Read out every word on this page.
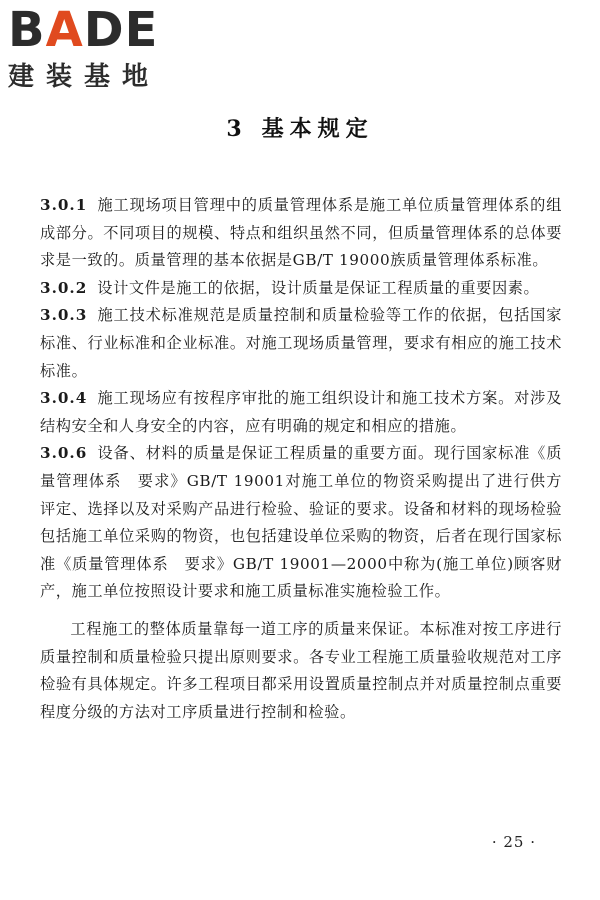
B A DE
建装基地
3 基本规定

3.0.1 施工现场项目管理中的质量管理体系是施工单位质量管理体系的组成部分。不同项目的规模、特点和组织虽然不同，但质量管理体系的总体要求是一致的。质量管理的基本依据是GB/T 19000族质量管理体系标准。

3.0.2 设计文件是施工的依据，设计质量是保证工程质量的重要因素。

3.0.3 施工技术标准规范是质量控制和质量检验等工作的依据，包括国家标准、行业标准和企业标准。对施工现场质量管理，要求有相应的施工技术标准。

3.0.4 施工现场应有按程序审批的施工组织设计和施工技术方案。对涉及结构安全和人身安全的内容，应有明确的规定和相应的措施。

3.0.6 设备、材料的质量是保证工程质量的重要方面。现行国家标准《质量管理体系　要求》GB/T 19001对施工单位的物资采购提出了进行供方评定、选择以及对采购产品进行检验、验证的要求。设备和材料的现场检验包括施工单位采购的物资，也包括建设单位采购的物资，后者在现行国家标准《质量管理体系　要求》GB/T 19001—2000中称为(施工单位)顾客财产，施工单位按照设计要求和施工质量标准实施检验工作。

工程施工的整体质量靠每一道工序的质量来保证。本标准对按工序进行质量控制和质量检验只提出原则要求。各专业工程施工质量验收规范对工序检验有具体规定。许多工程项目都采用设置质量控制点并对质量控制点重要程度分级的方法对工序质量进行控制和检验。

· 25 ·
